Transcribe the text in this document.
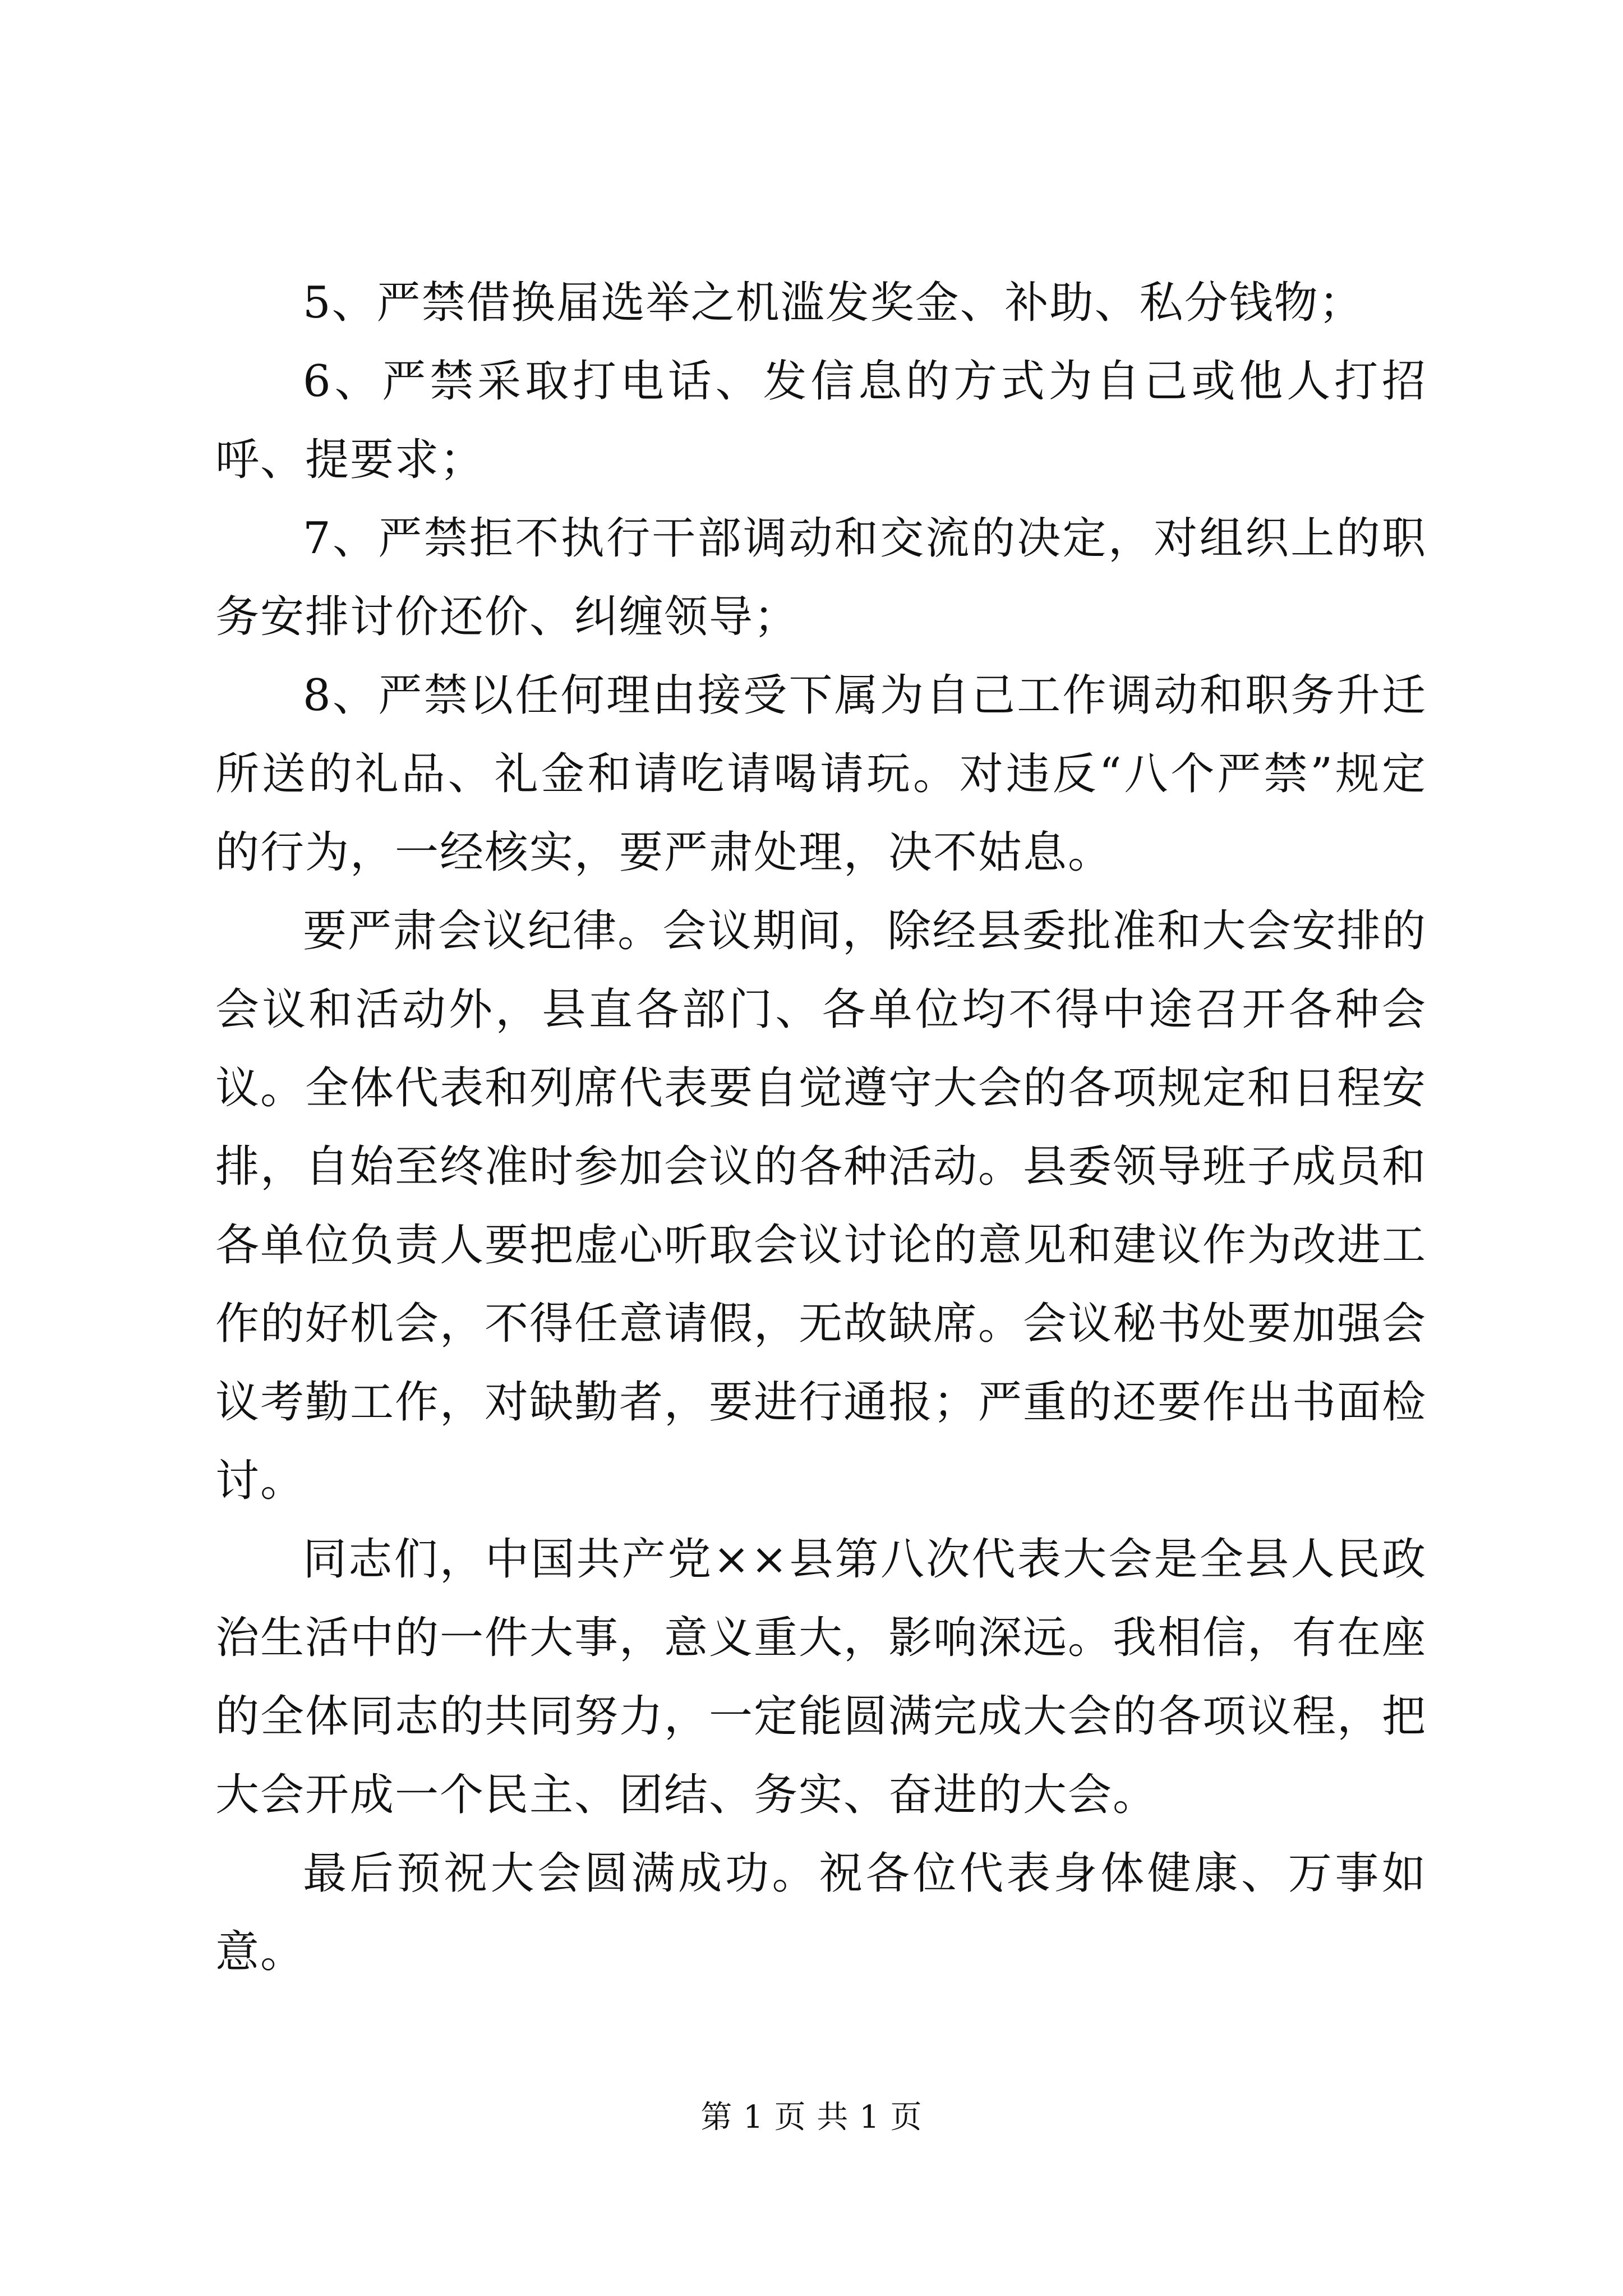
5、严禁借换届选举之机滥发奖金、补助、私分钱物；

6、严禁采取打电话、发信息的方式为自己或他人打招呼、提要求；

7、严禁拒不执行干部调动和交流的决定，对组织上的职务安排讨价还价、纠缠领导；

8、严禁以任何理由接受下属为自己工作调动和职务升迁所送的礼品、礼金和请吃请喝请玩。对违反“八个严禁”规定的行为，一经核实，要严肃处理，决不姑息。

要严肃会议纪律。会议期间，除经县委批准和大会安排的会议和活动外，县直各部门、各单位均不得中途召开各种会议。全体代表和列席代表要自觉遵守大会的各项规定和日程安排，自始至终准时参加会议的各种活动。县委领导班子成员和各单位负责人要把虚心听取会议讨论的意见和建议作为改进工作的好机会，不得任意请假，无故缺席。会议秘书处要加强会议考勤工作，对缺勤者，要进行通报；严重的还要作出书面检讨。

同志们，中国共产党××县第八次代表大会是全县人民政治生活中的一件大事，意义重大，影响深远。我相信，有在座的全体同志的共同努力，一定能圆满完成大会的各项议程，把大会开成一个民主、团结、务实、奋进的大会。

最后预祝大会圆满成功。祝各位代表身体健康、万事如意。

第 1 页 共 1 页
